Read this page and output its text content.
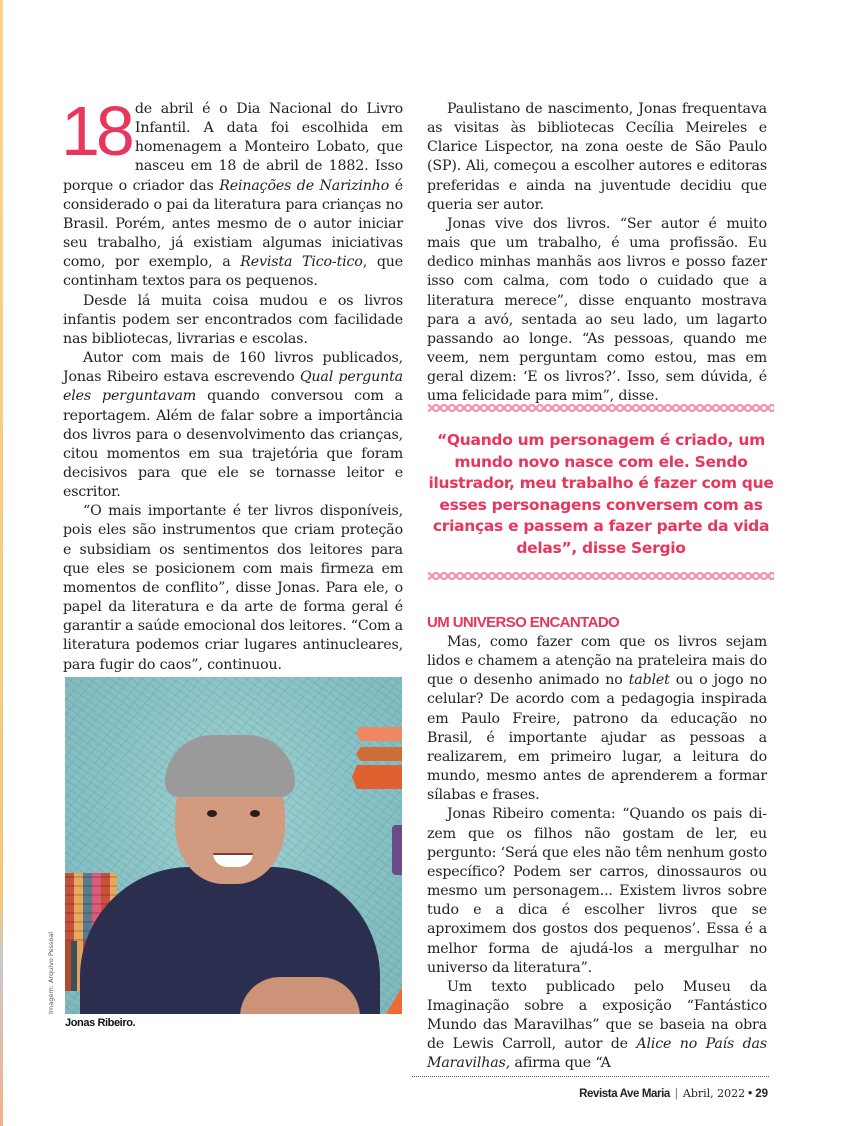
18 de abril é o Dia Nacional do Livro Infantil. A data foi escolhida em homenagem a Monteiro Lobato, que nasceu em 18 de abril de 1882. Isso porque o criador das Reinações de Narizinho é considerado o pai da literatura para crianças no Brasil. Porém, antes mesmo de o autor iniciar seu trabalho, já existiam algumas iniciativas como, por exemplo, a Revista Tico-tico, que continham textos para os pequenos.

Desde lá muita coisa mudou e os livros infantis podem ser encontrados com facilidade nas bibliotecas, livrarias e escolas.

Autor com mais de 160 livros publicados, Jonas Ribeiro estava escrevendo Qual pergunta eles perguntavam quando conversou com a reportagem. Além de falar sobre a importância dos livros para o desenvolvimento das crianças, citou momentos em sua trajetória que foram decisivos para que ele se tornasse leitor e escritor.

“O mais importante é ter livros disponíveis, pois eles são instrumentos que criam proteção e subsidiam os sentimentos dos leitores para que eles se posicionem com mais firmeza em momentos de conflito”, disse Jonas. Para ele, o papel da literatura e da arte de forma geral é garantir a saúde emocional dos leitores. “Com a literatura podemos criar lugares antinucleares, para fugir do caos”, continuou.

Paulistano de nascimento, Jonas frequentava as visitas às bibliotecas Cecília Meireles e Clarice Lispector, na zona oeste de São Paulo (SP). Ali, começou a escolher autores e editoras preferidas e ainda na juventude decidiu que queria ser autor.

Jonas vive dos livros. “Ser autor é muito mais que um trabalho, é uma profissão. Eu dedico minhas manhãs aos livros e posso fazer isso com calma, com todo o cuidado que a literatura merece”, disse enquanto mostrava para a avó, sentada ao seu lado, um lagarto passando ao longe. “As pessoas, quando me veem, nem perguntam como estou, mas em geral dizem: ‘E os livros?’. Isso, sem dúvida, é uma felicidade para mim”, disse.

“Quando um personagem é criado, um mundo novo nasce com ele. Sendo ilustrador, meu trabalho é fazer com que esses personagens conversem com as crianças e passem a fazer parte da vida delas”, disse Sergio
UM UNIVERSO ENCANTADO

Mas, como fazer com que os livros sejam lidos e chamem a atenção na prateleira mais do que o desenho animado no tablet ou o jogo no celular? De acordo com a pedagogia inspirada em Paulo Freire, patrono da educação no Brasil, é importante ajudar as pessoas a realizarem, em primeiro lugar, a leitura do mundo, mesmo antes de aprenderem a formar sílabas e frases.

Jonas Ribeiro comenta: “Quando os pais dizem que os filhos não gostam de ler, eu pergunto: ‘Será que eles não têm nenhum gosto específico? Podem ser carros, dinossauros ou mesmo um personagem... Existem livros sobre tudo e a dica é escolher livros que se aproximem dos gostos dos pequenos’. Essa é a melhor forma de ajudá-los a mergulhar no universo da literatura”.

Um texto publicado pelo Museu da Imaginação sobre a exposição “Fantástico Mundo das Maravilhas” que se baseia na obra de Lewis Carroll, autor de Alice no País das Maravilhas, afirma que “A

Imagem: Arquivo Pessoal
Jonas Ribeiro.
Revista Ave Maria | Abril, 2022 • 29
